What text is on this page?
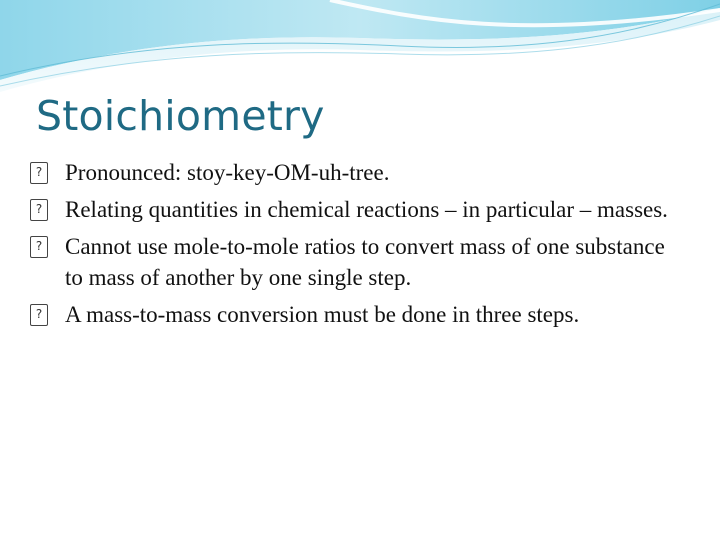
Stoichiometry
? Pronounced: stoy-key-OM-uh-tree.
? Relating quantities in chemical reactions – in particular – masses.
? Cannot use mole-to-mole ratios to convert mass of one substance to mass of another by one single step.
? A mass-to-mass conversion must be done in three steps.
